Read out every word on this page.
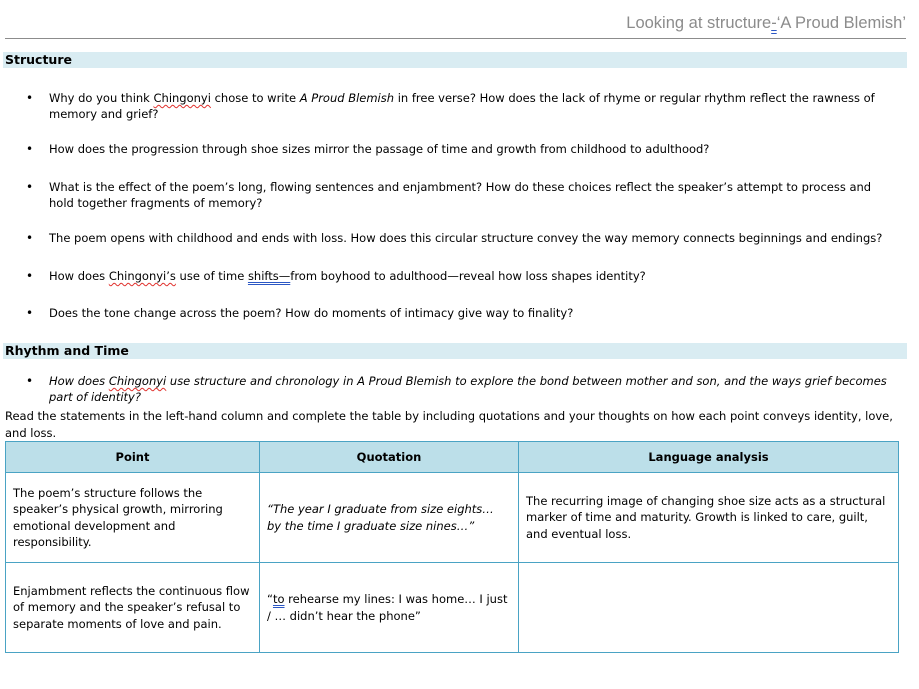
Looking at structure-‘A Proud Blemish’
Structure
• Why do you think Chingonyi chose to write A Proud Blemish in free verse? How does the lack of rhyme or regular rhythm reflect the rawness of memory and grief?
• How does the progression through shoe sizes mirror the passage of time and growth from childhood to adulthood?
• What is the effect of the poem’s long, flowing sentences and enjambment? How do these choices reflect the speaker’s attempt to process and hold together fragments of memory?
• The poem opens with childhood and ends with loss. How does this circular structure convey the way memory connects beginnings and endings?
• How does Chingonyi’s use of time shifts—from boyhood to adulthood—reveal how loss shapes identity?
• Does the tone change across the poem? How do moments of intimacy give way to finality?
Rhythm and Time
• How does Chingonyi use structure and chronology in A Proud Blemish to explore the bond between mother and son, and the ways grief becomes part of identity?
Read the statements in the left-hand column and complete the table by including quotations and your thoughts on how each point conveys identity, love, and loss.
Point	Quotation	Language analysis
The poem’s structure follows the speaker’s physical growth, mirroring emotional development and responsibility.	“The year I graduate from size eights… by the time I graduate size nines…”	The recurring image of changing shoe size acts as a structural marker of time and maturity. Growth is linked to care, guilt, and eventual loss.
Enjambment reflects the continuous flow of memory and the speaker’s refusal to separate moments of love and pain.	“to rehearse my lines: I was home… I just / … didn’t hear the phone”	
